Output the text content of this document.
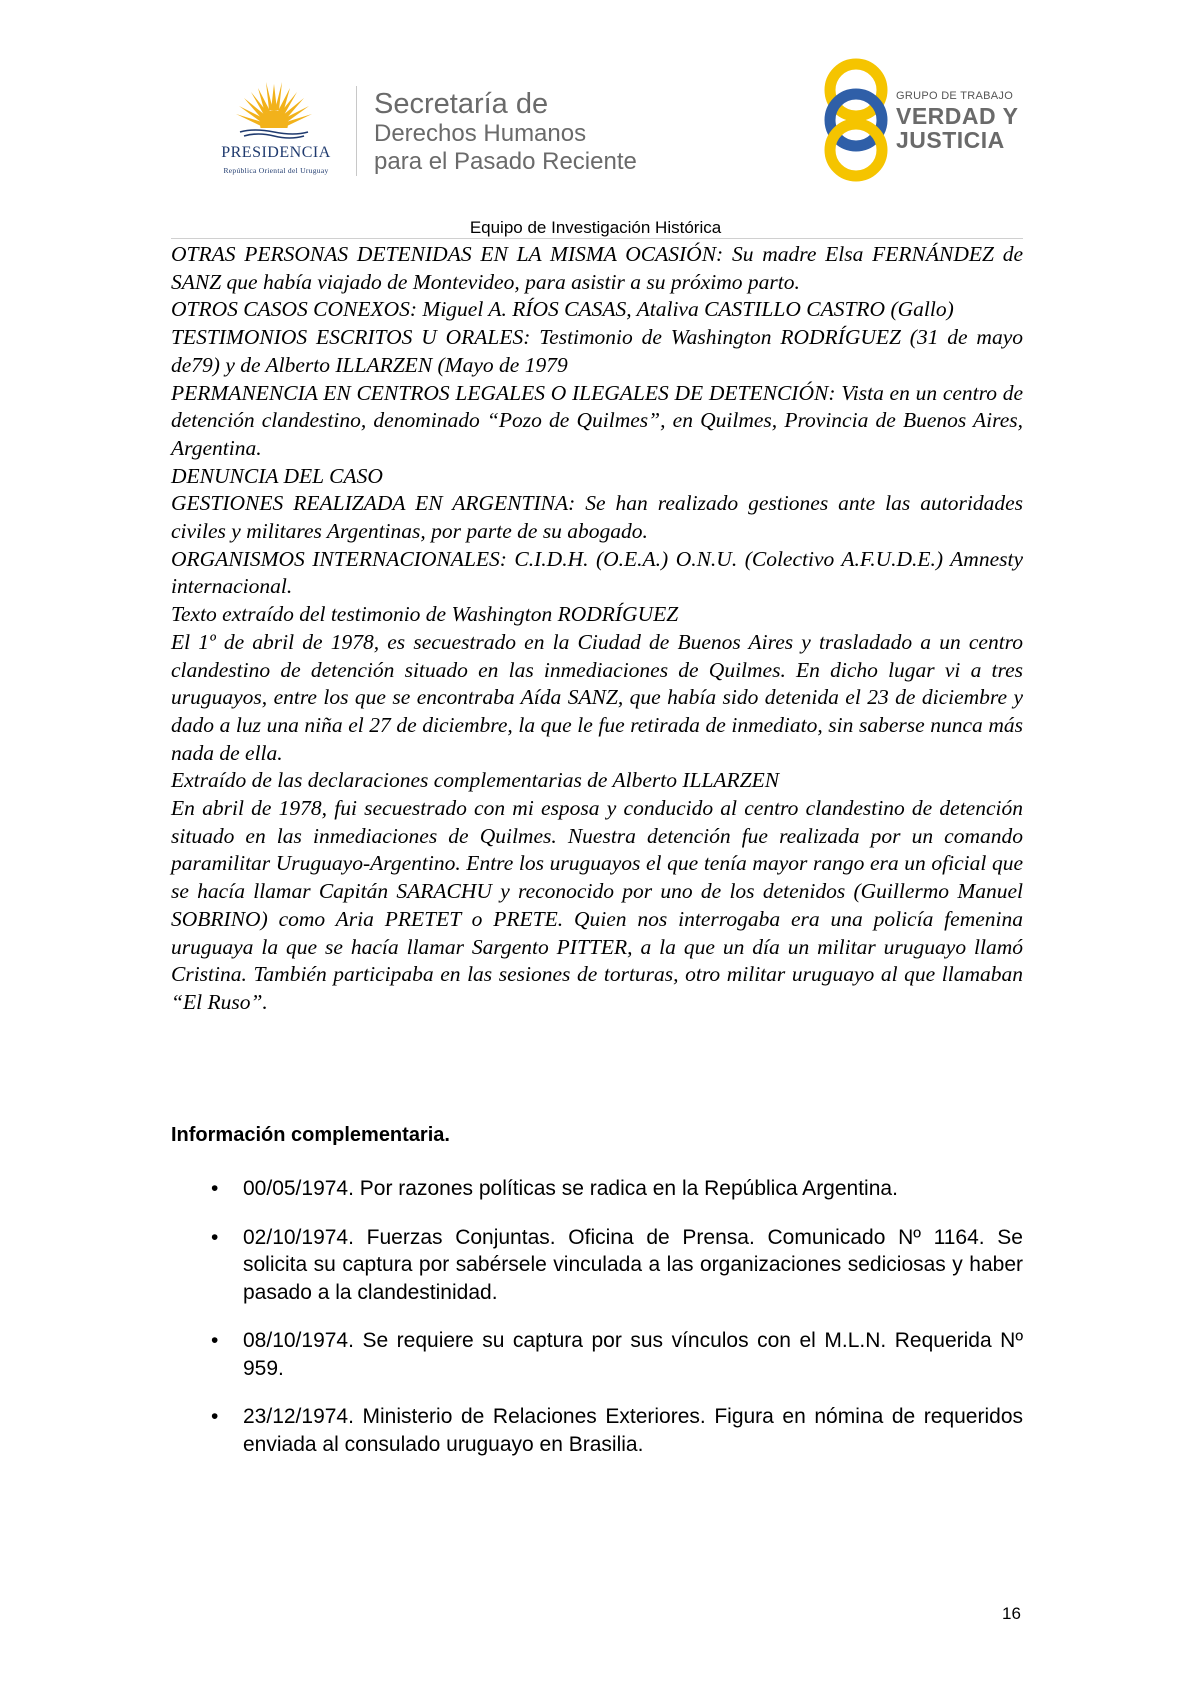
PRESIDENCIA
República Oriental del Uruguay
Secretaría de
Derechos Humanos
para el Pasado Reciente
GRUPO DE TRABAJO
VERDAD Y
JUSTICIA
Equipo de Investigación Histórica

OTRAS PERSONAS DETENIDAS EN LA MISMA OCASIÓN: Su madre Elsa FERNÁNDEZ de SANZ que había viajado de Montevideo, para asistir a su próximo parto.

OTROS CASOS CONEXOS: Miguel A. RÍOS CASAS, Ataliva CASTILLO CASTRO (Gallo)

TESTIMONIOS ESCRITOS U ORALES: Testimonio de Washington RODRÍGUEZ (31 de mayo de79) y de Alberto ILLARZEN (Mayo de 1979

PERMANENCIA EN CENTROS LEGALES O ILEGALES DE DETENCIÓN: Vista en un centro de detención clandestino, denominado “Pozo de Quilmes”, en Quilmes, Provincia de Buenos Aires, Argentina.

DENUNCIA DEL CASO

GESTIONES REALIZADA EN ARGENTINA: Se han realizado gestiones ante las autoridades civiles y militares Argentinas, por parte de su abogado.

ORGANISMOS INTERNACIONALES: C.I.D.H. (O.E.A.) O.N.U. (Colectivo A.F.U.D.E.) Amnesty internacional.

Texto extraído del testimonio de Washington RODRÍGUEZ

El 1º de abril de 1978, es secuestrado en la Ciudad de Buenos Aires y trasladado a un centro clandestino de detención situado en las inmediaciones de Quilmes. En dicho lugar vi a tres uruguayos, entre los que se encontraba Aída SANZ, que había sido detenida el 23 de diciembre y dado a luz una niña el 27 de diciembre, la que le fue retirada de inmediato, sin saberse nunca más nada de ella.

Extraído de las declaraciones complementarias de Alberto ILLARZEN

En abril de 1978, fui secuestrado con mi esposa y conducido al centro clandestino de detención situado en las inmediaciones de Quilmes. Nuestra detención fue realizada por un comando paramilitar Uruguayo-Argentino. Entre los uruguayos el que tenía mayor rango era un oficial que se hacía llamar Capitán SARACHU y reconocido por uno de los detenidos (Guillermo Manuel SOBRINO) como Aria PRETET o PRETE. Quien nos interrogaba era una policía femenina uruguaya la que se hacía llamar Sargento PITTER, a la que un día un militar uruguayo llamó Cristina. También participaba en las sesiones de torturas, otro militar uruguayo al que llamaban “El Ruso”.

Información complementaria.
• 00/05/1974. Por razones políticas se radica en la República Argentina.
• 02/10/1974. Fuerzas Conjuntas. Oficina de Prensa. Comunicado Nº 1164. Se solicita su captura por sabérsele vinculada a las organizaciones sediciosas y haber pasado a la clandestinidad.
• 08/10/1974. Se requiere su captura por sus vínculos con el M.L.N. Requerida Nº 959.
• 23/12/1974. Ministerio de Relaciones Exteriores. Figura en nómina de requeridos enviada al consulado uruguayo en Brasilia.
16
